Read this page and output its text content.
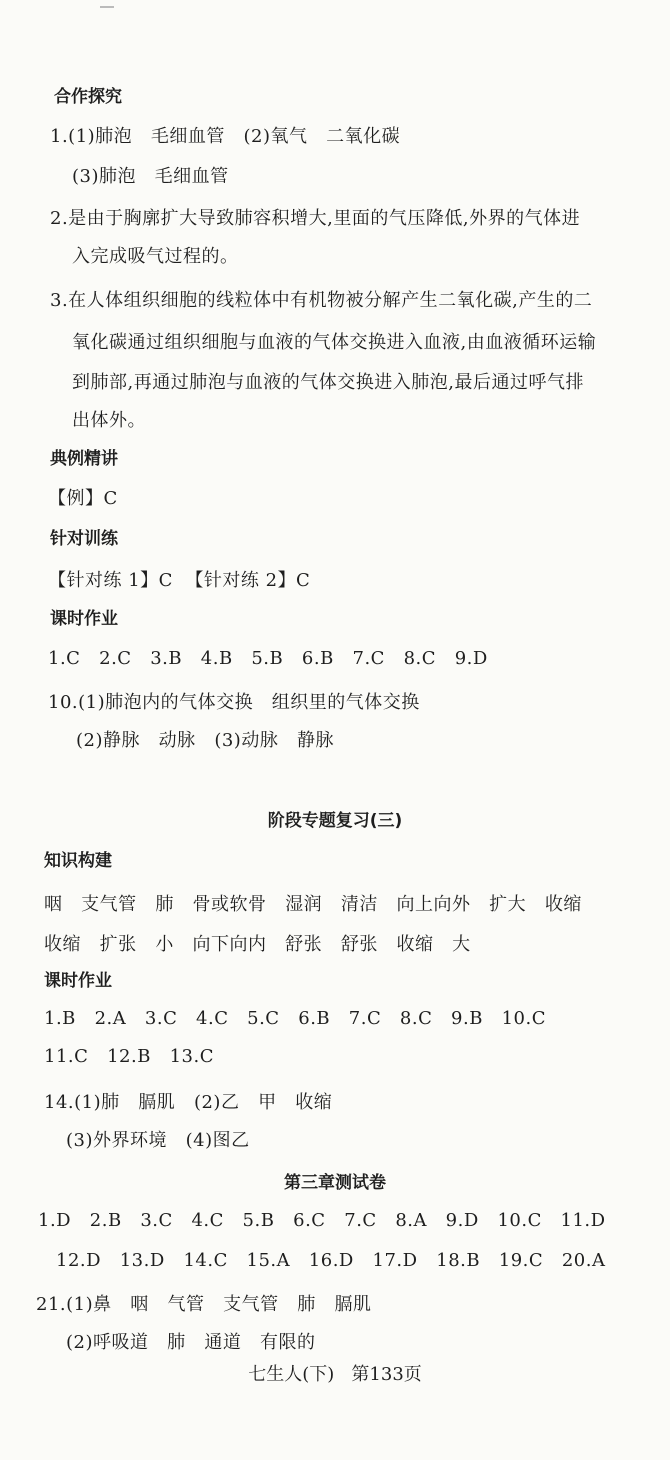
合作探究
1.(1)肺泡   毛细血管   (2)氧气   二氧化碳
(3)肺泡   毛细血管
2.是由于胸廓扩大导致肺容积增大,里面的气压降低,外界的气体进
入完成吸气过程的。
3.在人体组织细胞的线粒体中有机物被分解产生二氧化碳,产生的二
氧化碳通过组织细胞与血液的气体交换进入血液,由血液循环运输
到肺部,再通过肺泡与血液的气体交换进入肺泡,最后通过呼气排
出体外。
典例精讲
【例】C
针对训练
【针对练 1】C  【针对练 2】C
课时作业
1.C   2.C   3.B   4.B   5.B   6.B   7.C   8.C   9.D
10.(1)肺泡内的气体交换   组织里的气体交换
(2)静脉   动脉   (3)动脉   静脉
阶段专题复习(三)
知识构建
咽   支气管   肺   骨或软骨   湿润   清洁   向上向外   扩大   收缩
收缩   扩张   小   向下向内   舒张   舒张   收缩   大
课时作业
1.B   2.A   3.C   4.C   5.C   6.B   7.C   8.C   9.B   10.C
11.C   12.B   13.C
14.(1)肺   膈肌   (2)乙   甲   收缩
(3)外界环境   (4)图乙
第三章测试卷
1.D   2.B   3.C   4.C   5.B   6.C   7.C   8.A   9.D   10.C   11.D
12.D   13.D   14.C   15.A   16.D   17.D   18.B   19.C   20.A
21.(1)鼻   咽   气管   支气管   肺   膈肌
(2)呼吸道   肺   通道   有限的
七生人(下)   第133页
